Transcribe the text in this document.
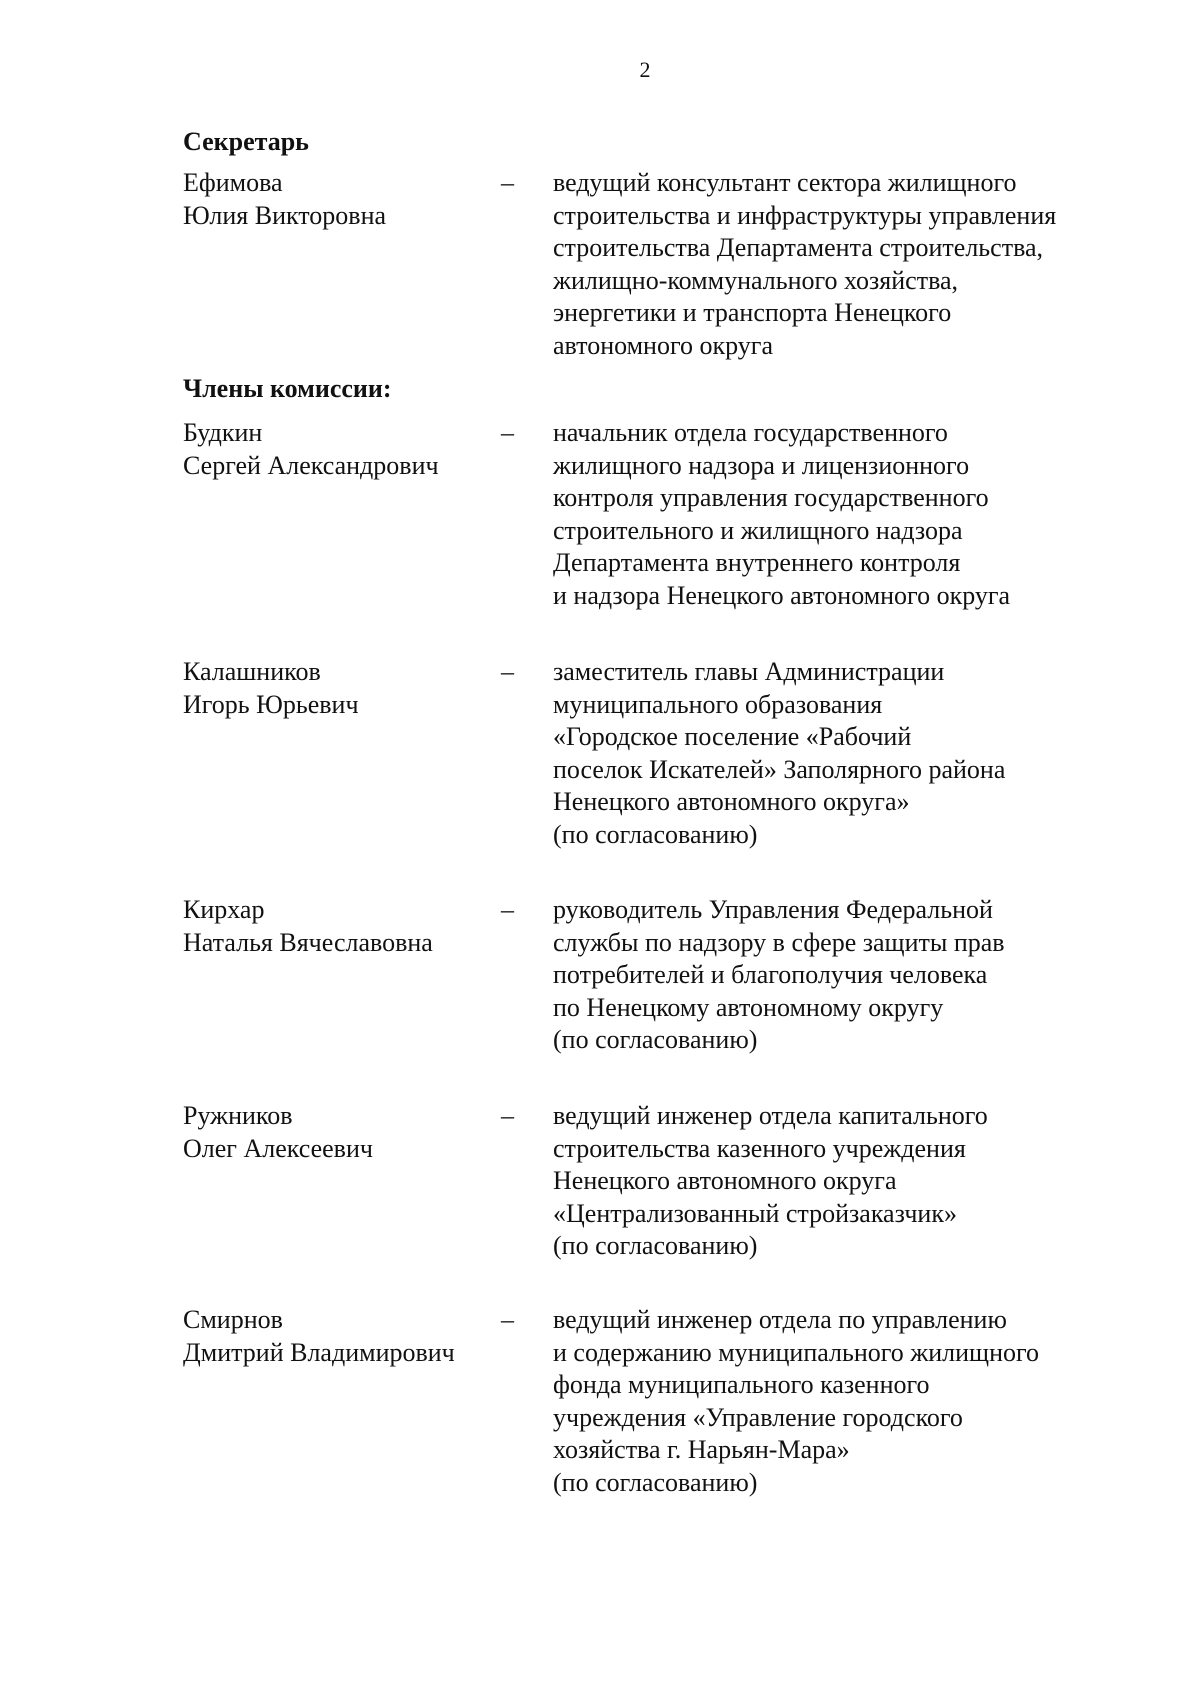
2
Секретарь
Ефимова
Юлия Викторовна
– ведущий консультант сектора жилищного
строительства и инфраструктуры управления
строительства Департамента строительства,
жилищно-коммунального хозяйства,
энергетики и транспорта Ненецкого
автономного округа
Члены комиссии:
Будкин
Сергей Александрович
– начальник отдела государственного
жилищного надзора и лицензионного
контроля управления государственного
строительного и жилищного надзора
Департамента внутреннего контроля
и надзора Ненецкого автономного округа
Калашников
Игорь Юрьевич
– заместитель главы Администрации
муниципального образования
«Городское поселение «Рабочий
поселок Искателей» Заполярного района
Ненецкого автономного округа»
(по согласованию)
Кирхар
Наталья Вячеславовна
– руководитель Управления Федеральной
службы по надзору в сфере защиты прав
потребителей и благополучия человека
по Ненецкому автономному округу
(по согласованию)
Ружников
Олег Алексеевич
– ведущий инженер отдела капитального
строительства казенного учреждения
Ненецкого автономного округа
«Централизованный стройзаказчик»
(по согласованию)
Смирнов
Дмитрий Владимирович
– ведущий инженер отдела по управлению
и содержанию муниципального жилищного
фонда муниципального казенного
учреждения «Управление городского
хозяйства г. Нарьян-Мара»
(по согласованию)
